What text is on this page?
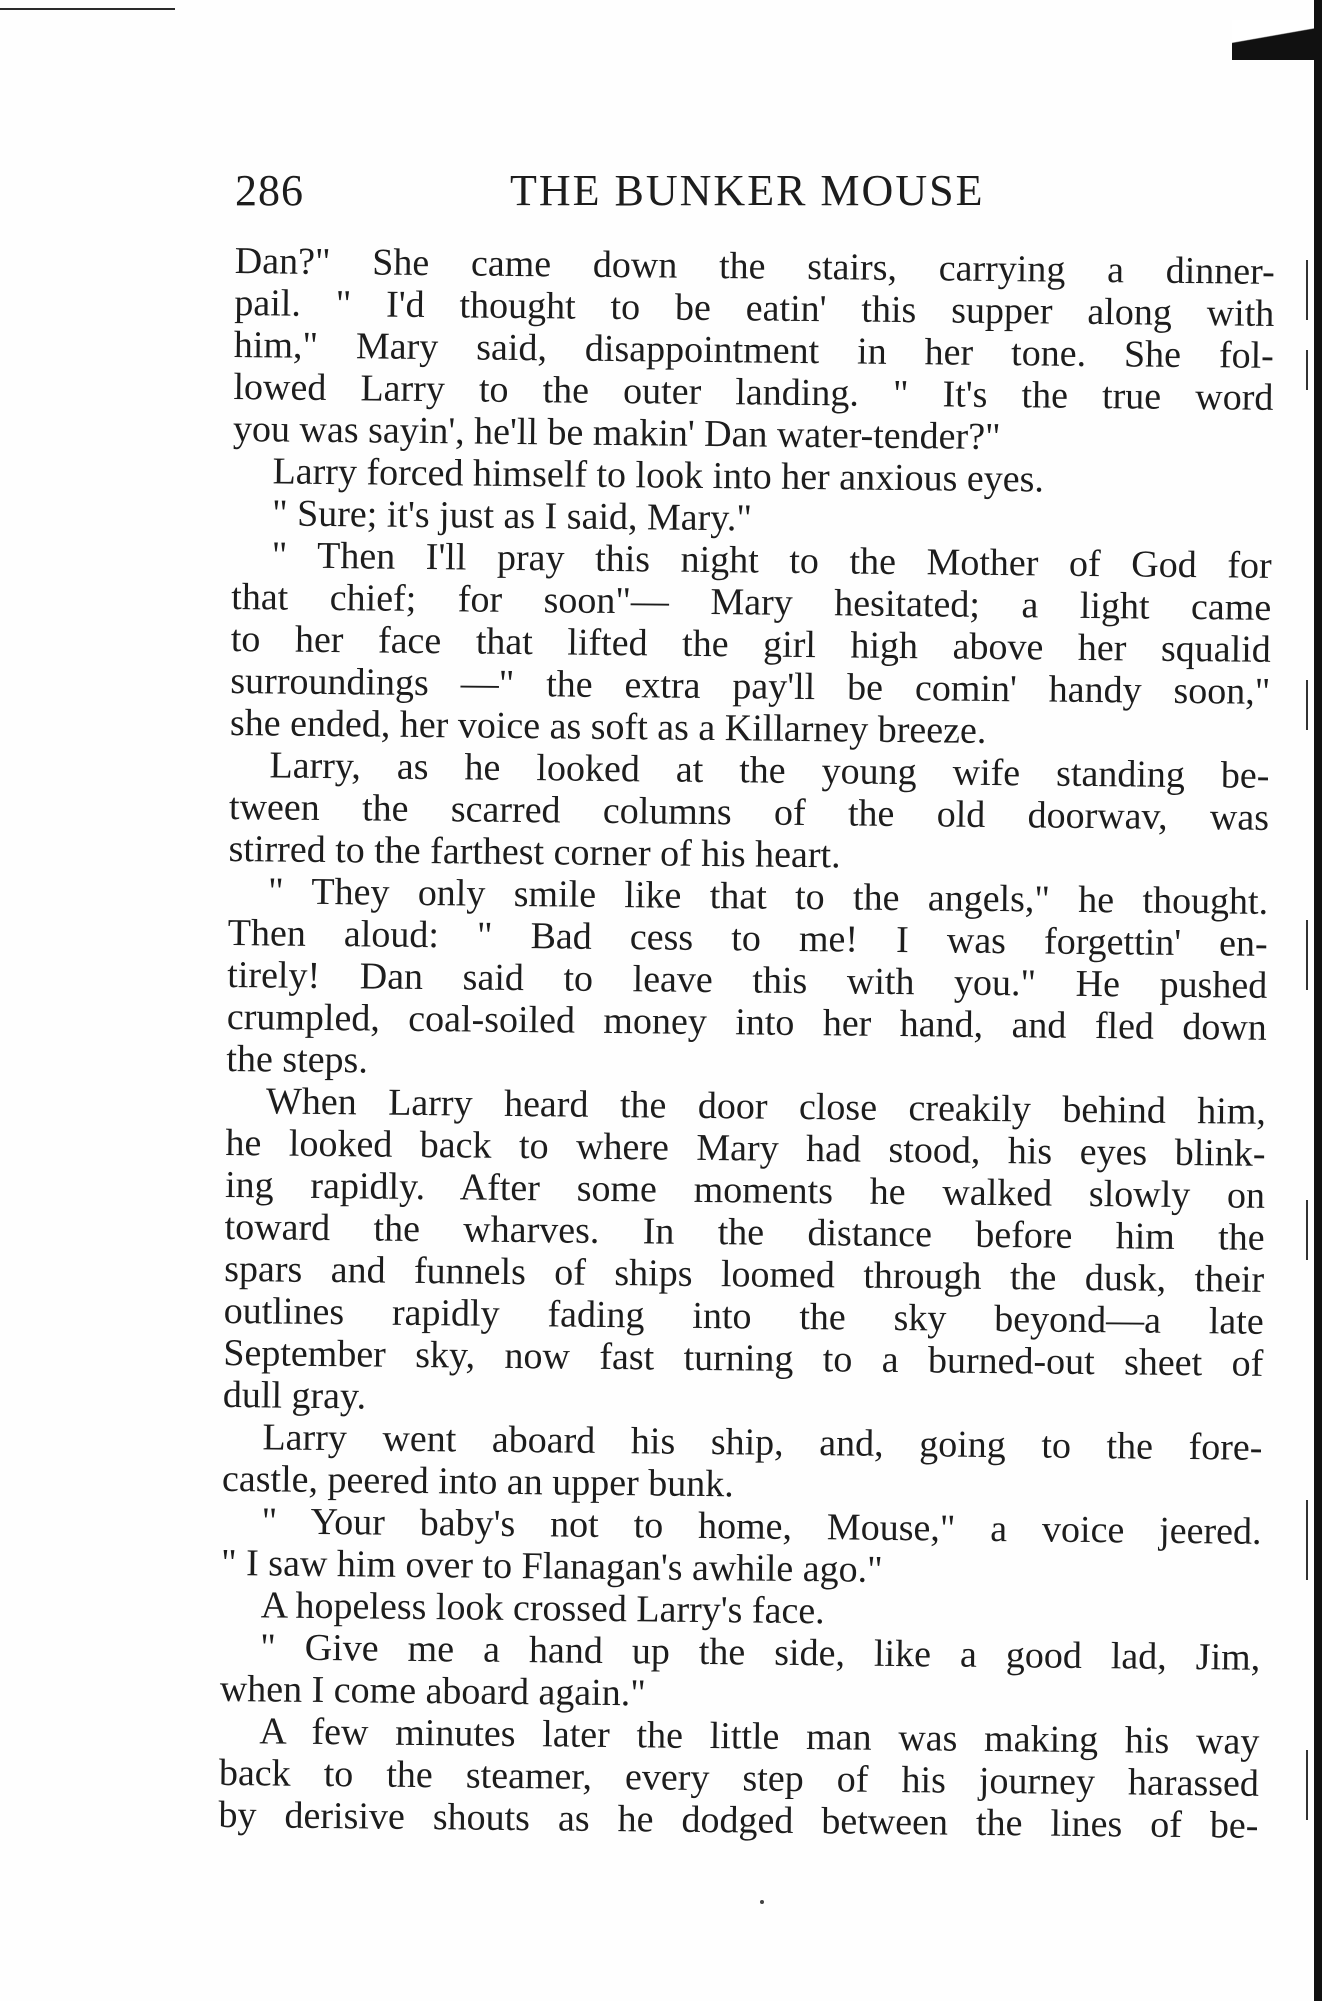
286	THE BUNKER MOUSE
Dan?" She came down the stairs, carrying a dinner-
pail. " I'd thought to be eatin' this supper along with
him," Mary said, disappointment in her tone. She fol-
lowed Larry to the outer landing. " It's the true word
you was sayin', he'll be makin' Dan water-tender?"
Larry forced himself to look into her anxious eyes.
" Sure; it's just as I said, Mary."
" Then I'll pray this night to the Mother of God for
that chief; for soon"— Mary hesitated; a light came
to her face that lifted the girl high above her squalid
surroundings —" the extra pay'll be comin' handy soon,"
she ended, her voice as soft as a Killarney breeze.
Larry, as he looked at the young wife standing be-
tween the scarred columns of the old doorwav, was
stirred to the farthest corner of his heart.
" They only smile like that to the angels," he thought.
Then aloud: " Bad cess to me! I was forgettin' en-
tirely! Dan said to leave this with you." He pushed
crumpled, coal-soiled money into her hand, and fled down
the steps.
When Larry heard the door close creakily behind him,
he looked back to where Mary had stood, his eyes blink-
ing rapidly. After some moments he walked slowly on
toward the wharves. In the distance before him the
spars and funnels of ships loomed through the dusk, their
outlines rapidly fading into the sky beyond—a late
September sky, now fast turning to a burned-out sheet of
dull gray.
Larry went aboard his ship, and, going to the fore-
castle, peered into an upper bunk.
" Your baby's not to home, Mouse," a voice jeered.
" I saw him over to Flanagan's awhile ago."
A hopeless look crossed Larry's face.
" Give me a hand up the side, like a good lad, Jim,
when I come aboard again."
A few minutes later the little man was making his way
back to the steamer, every step of his journey harassed
by derisive shouts as he dodged between the lines of be-
